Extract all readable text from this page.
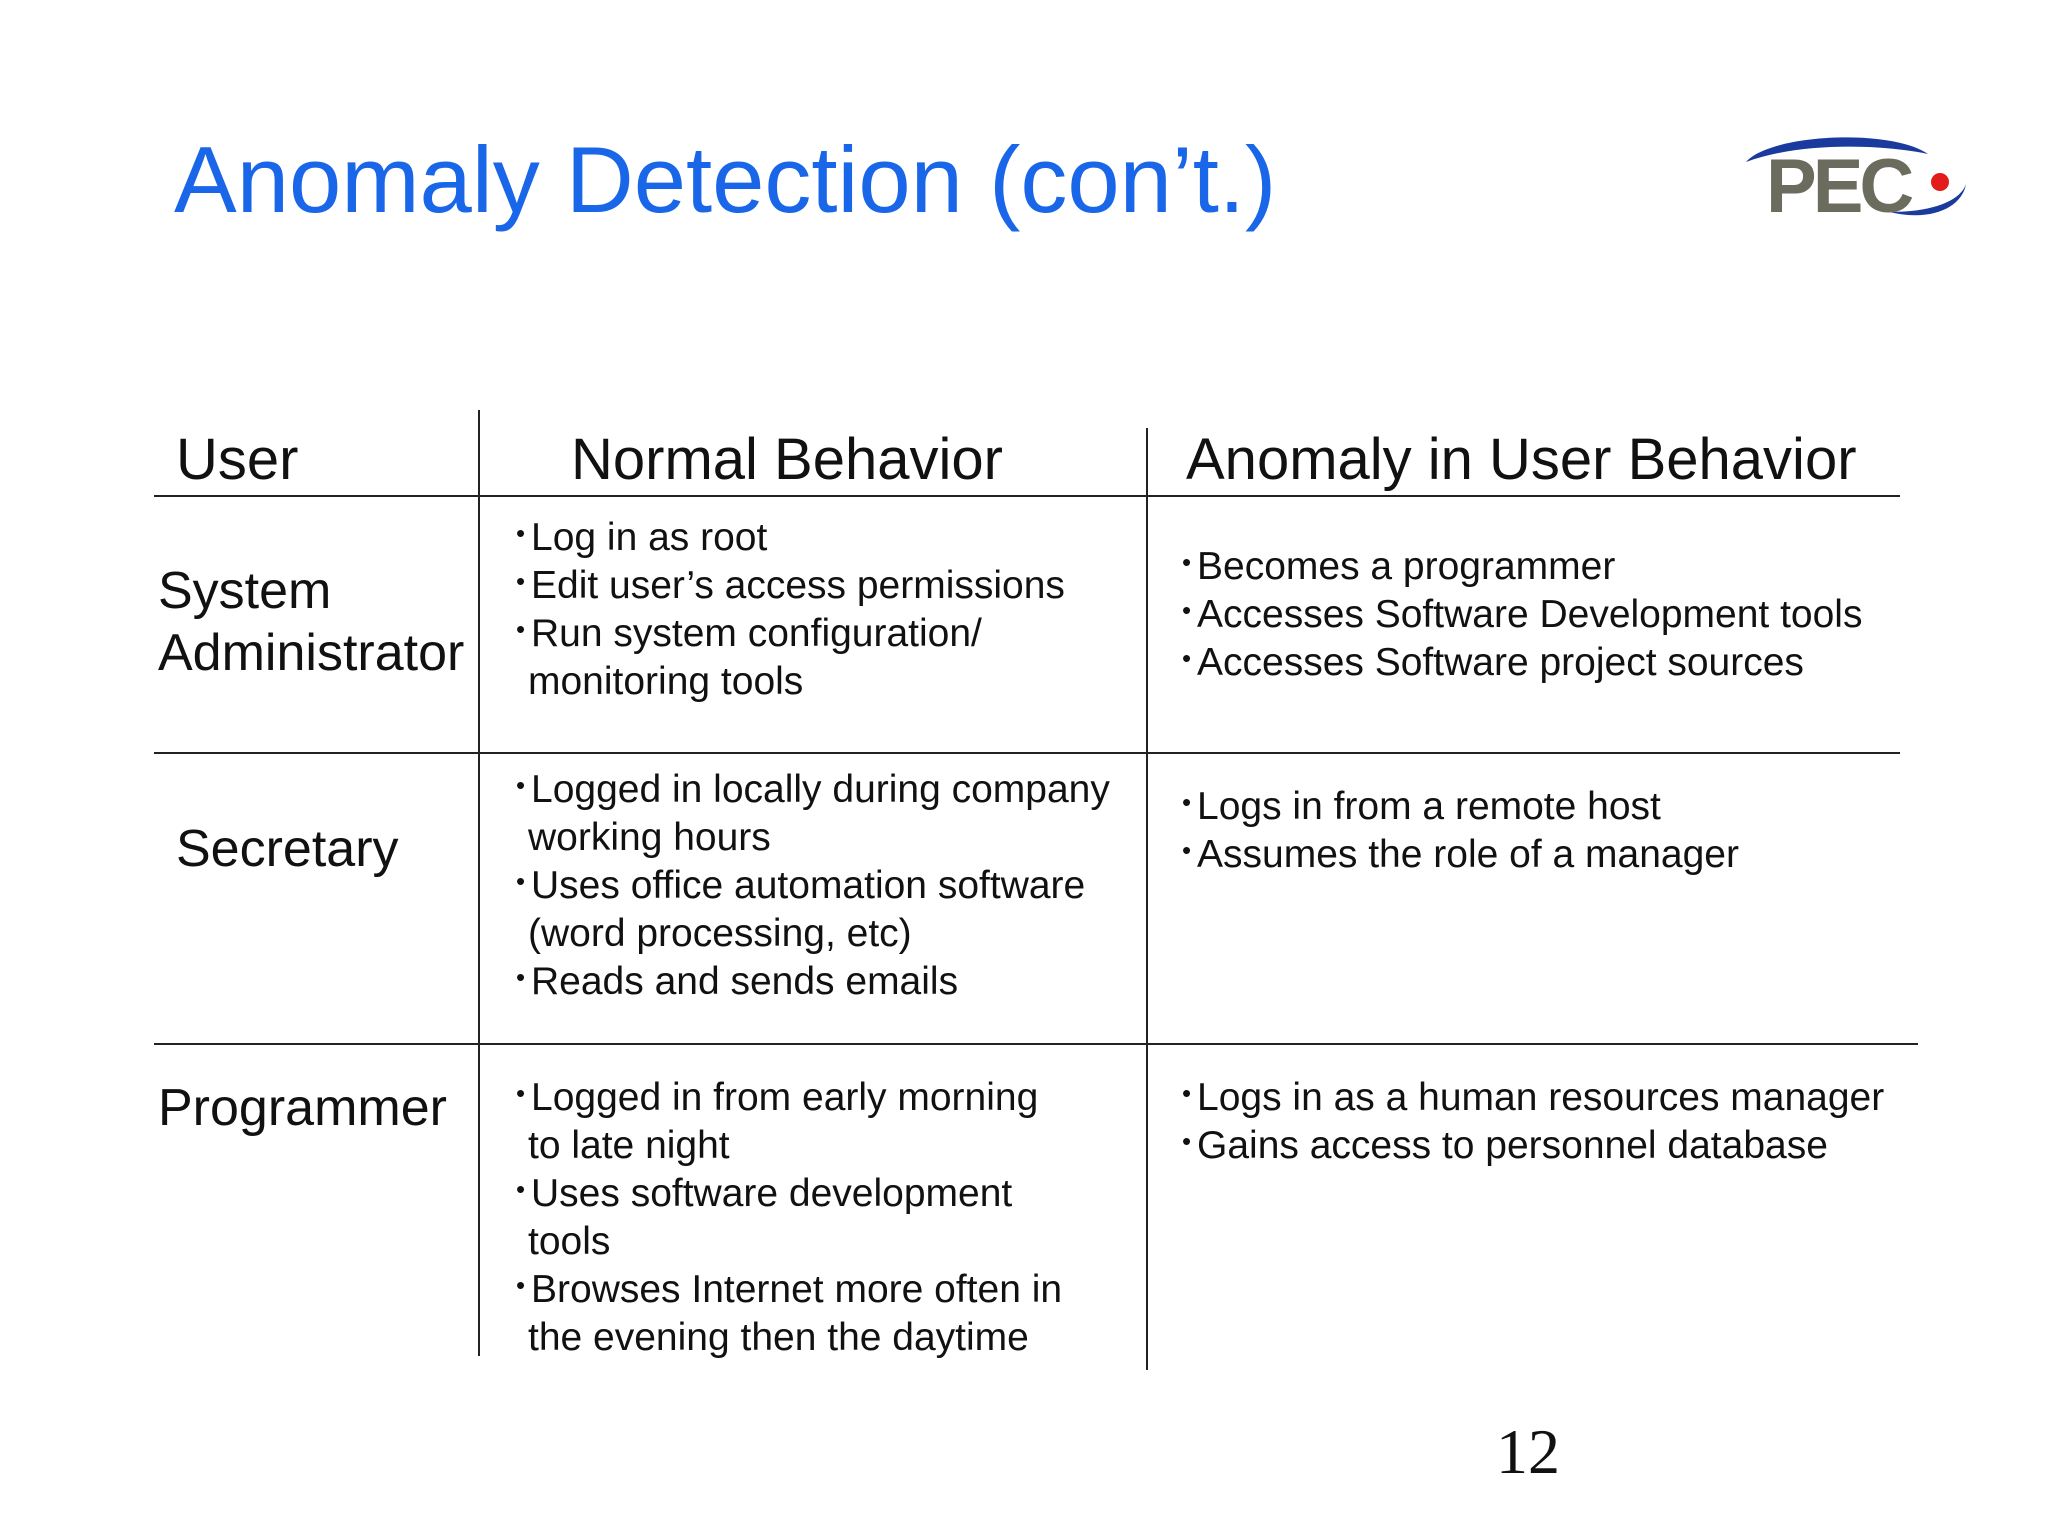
Anomaly Detection (con’t.)	PEC
User	Normal Behavior	Anomaly in User Behavior
System
Administrator
• Log in as root
• Edit user’s access permissions
• Run system configuration/
monitoring tools
• Becomes a programmer
• Accesses Software Development tools
• Accesses Software project sources
Secretary
• Logged in locally during company
working hours
• Uses office automation software
(word processing, etc)
• Reads and sends emails
• Logs in from a remote host
• Assumes the role of a manager
Programmer
•	Logged in from early morning
to late night
• Uses software development
tools
• Browses Internet more often in
the evening then the daytime
• Logs in as a human resources manager
• Gains access to personnel database
12
